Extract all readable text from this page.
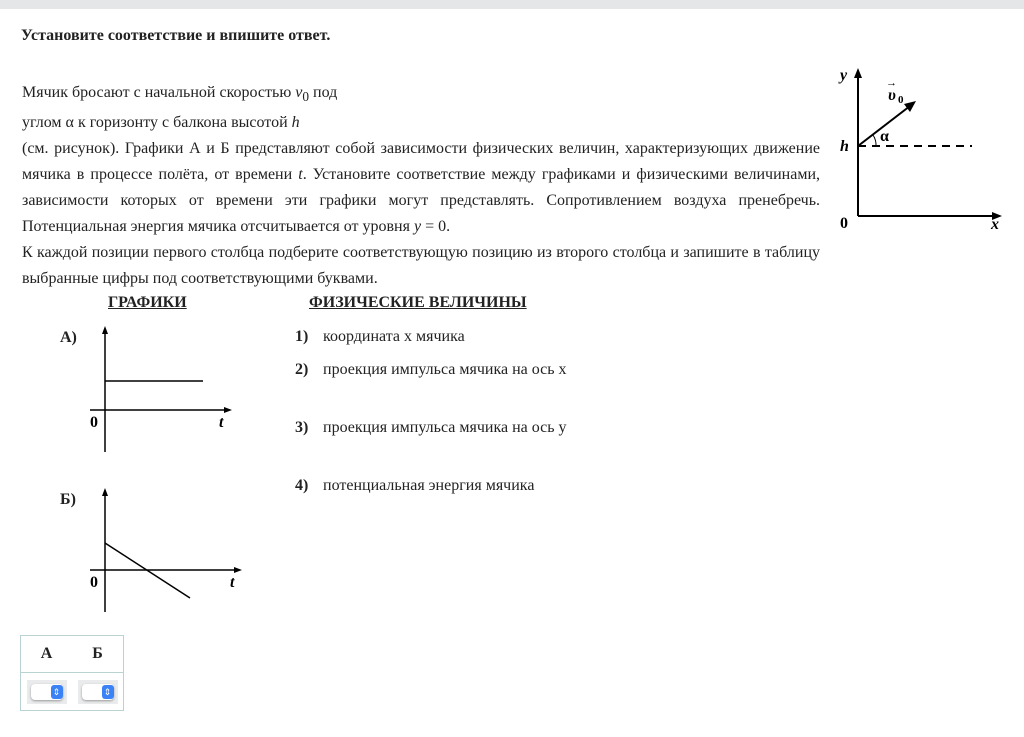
Установите соответствие и впишите ответ.
Мячик бросают с начальной скоростью $v_0$ под
углом α к горизонту с балкона высотой h
(см. рисунок). Графики А и Б представляют собой зависимости физических величин, характеризующих движение мячика в процессе полёта, от времени t. Установите соответствие между графиками и физическими величинами, зависимости которых от времени эти графики могут представлять. Сопротивлением воздуха пренебречь. Потенциальная энергия мячика отсчитывается от уровня y = 0.
К каждой позиции первого столбца подберите соответствующую позицию из второго столбца и запишите в таблицу выбранные цифры под соответствующими буквами.
y
x
h
0
α
υ 0
→
ГРАФИКИ	ФИЗИЧЕСКИЕ ВЕЛИЧИНЫ
А)
0	t
Б)
0	t
1) координата x мячика
2) проекция импульса мячика на ось x
3) проекция импульса мячика на ось y
4) потенциальная энергия мячика
А	Б

⇕	⇕
